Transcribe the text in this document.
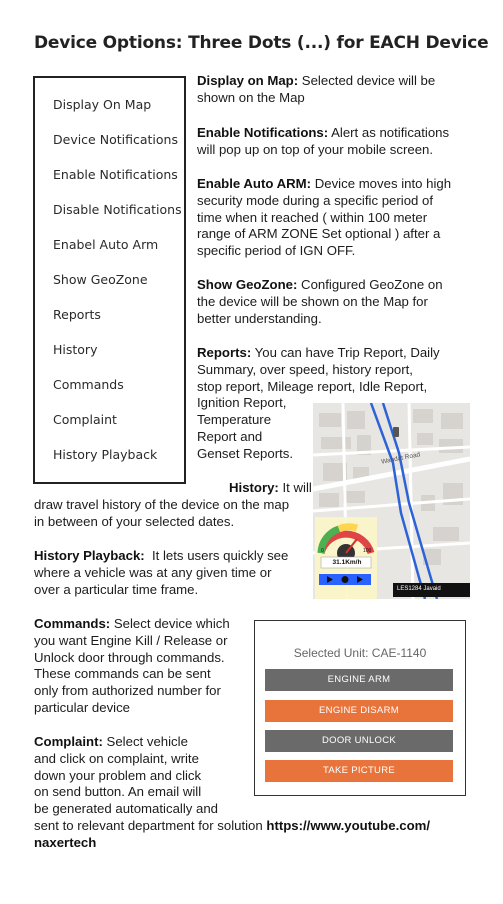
Device Options: Three Dots (...) for EACH Device
Display On Map
Device Notifications
Enable Notifications
Disable Notifications
Enabel Auto Arm
Show GeoZone
Reports
History
Commands
Complaint
History Playback
Display on Map: Selected device will be
shown on the Map
Enable Notifications: Alert as notifications
will pop up on top of your mobile screen.
Enable Auto ARM: Device moves into high
security mode during a specific period of
time when it reached ( within 100 meter
range of ARM ZONE Set optional ) after a
specific period of IGN OFF.
Show GeoZone: Configured GeoZone on
the device will be shown on the Map for
better understanding.
Reports: You can have Trip Report, Daily
Summary, over speed, history report,
stop report, Mileage report, Idle Report,
Ignition Report,
Temperature
Report and
Genset Reports.	Wahdat Road
31.1Km/h
0	100
LES1284 Javaid
History: It will
draw travel history of the device on the map
in between of your selected dates.
History Playback: It lets users quickly see
where a vehicle was at any given time or
over a particular time frame.
Commands: Select device which
you want Engine Kill / Release or
Unlock door through commands.
These commands can be sent
only from authorized number for
particular device
Selected Unit: CAE-1140
ENGINE ARM
ENGINE DISARM
DOOR UNLOCK
TAKE PICTURE
Complaint: Select vehicle
and click on complaint, write
down your problem and click
on send button. An email will
be generated automatically and
sent to relevant department for solution https://www.youtube.com/
naxertech
